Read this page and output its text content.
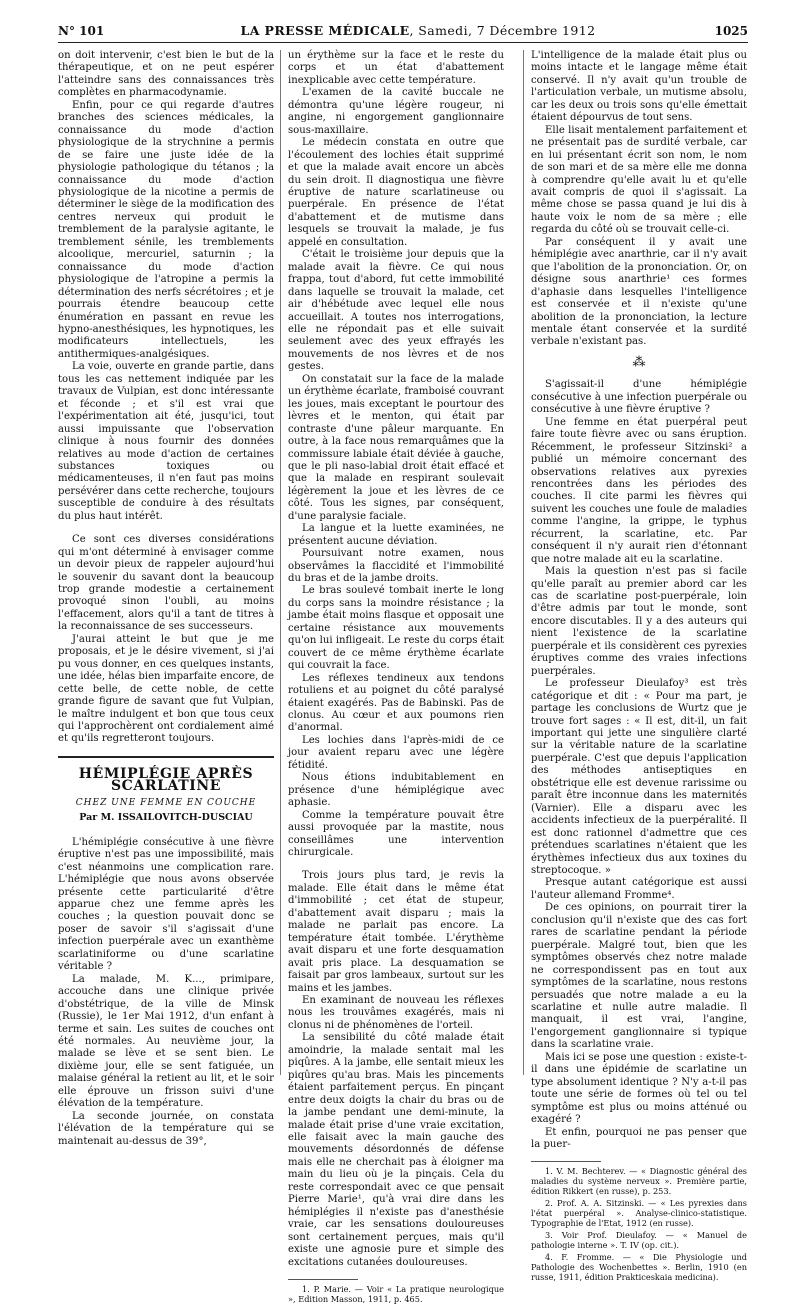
N° 101	LA PRESSE MÉDICALE, Samedi, 7 Décembre 1912	1025

on doit intervenir, c'est bien le but de la thérapeutique, et on ne peut espérer l'atteindre sans des connaissances très complètes en pharmacodynamie.

Enfin, pour ce qui regarde d'autres branches des sciences médicales, la connaissance du mode d'action physiologique de la strychnine a permis de se faire une juste idée de la physiologie pathologique du tétanos ; la connaissance du mode d'action physiologique de la nicotine a permis de déterminer le siège de la modification des centres nerveux qui produit le tremblement de la paralysie agitante, le tremblement sénile, les tremblements alcoolique, mercuriel, saturnin ; la connaissance du mode d'action physiologique de l'atropine a permis la détermination des nerfs sécrétoires ; et je pourrais étendre beaucoup cette énumération en passant en revue les hypno-anesthésiques, les hypnotiques, les modificateurs intellectuels, les antithermiques-analgésiques.

La voie, ouverte en grande partie, dans tous les cas nettement indiquée par les travaux de Vulpian, est donc intéressante et féconde ; et s'il est vrai que l'expérimentation ait été, jusqu'ici, tout aussi impuissante que l'observation clinique à nous fournir des données relatives au mode d'action de certaines substances toxiques ou médicamenteuses, il n'en faut pas moins persévérer dans cette recherche, toujours susceptible de conduire à des résultats du plus haut intérêt.

Ce sont ces diverses considérations qui m'ont déterminé à envisager comme un devoir pieux de rappeler aujourd'hui le souvenir du savant dont la beaucoup trop grande modestie a certainement provoqué sinon l'oubli, au moins l'effacement, alors qu'il a tant de titres à la reconnaissance de ses successeurs.

J'aurai atteint le but que je me proposais, et je le désire vivement, si j'ai pu vous donner, en ces quelques instants, une idée, hélas bien imparfaite encore, de cette belle, de cette noble, de cette grande figure de savant que fut Vulpian, le maître indulgent et bon que tous ceux qui l'approchèrent ont cordialement aimé et qu'ils regretteront toujours.

HÉMIPLÉGIE APRÈS SCARLATINE
CHEZ UNE FEMME EN COUCHE
Par M. ISSAILOVITCH-DUSCIAU

L'hémiplégie consécutive à une fièvre éruptive n'est pas une impossibilité, mais c'est néanmoins une complication rare. L'hémiplégie que nous avons observée présente cette particularité d'être apparue chez une femme après les couches ; la question pouvait donc se poser de savoir s'il s'agissait d'une infection puerpérale avec un exanthème scarlatiniforme ou d'une scarlatine véritable ?

La malade, M. K..., primipare, accouche dans une clinique privée d'obstétrique, de la ville de Minsk (Russie), le 1er Mai 1912, d'un enfant à terme et sain. Les suites de couches ont été normales. Au neuvième jour, la malade se lève et se sent bien. Le dixième jour, elle se sent fatiguée, un malaise général la retient au lit, et le soir elle éprouve un frisson suivi d'une élévation de la température.

La seconde journée, on constata l'élévation de la température qui se maintenait au-dessus de 39°,

un érythème sur la face et le reste du corps et un état d'abattement inexplicable avec cette température.

L'examen de la cavité buccale ne démontra qu'une légère rougeur, ni angine, ni engorgement ganglionnaire sous-maxillaire.

Le médecin constata en outre que l'écoulement des lochies était supprimé et que la malade avait encore un abcès du sein droit. Il diagnostiqua une fièvre éruptive de nature scarlatineuse ou puerpérale. En présence de l'état d'abattement et de mutisme dans lesquels se trouvait la malade, je fus appelé en consultation.

C'était le troisième jour depuis que la malade avait la fièvre. Ce qui nous frappa, tout d'abord, fut cette immobilité dans laquelle se trouvait la malade, cet air d'hébétude avec lequel elle nous accueillait. A toutes nos interrogations, elle ne répondait pas et elle suivait seulement avec des yeux effrayés les mouvements de nos lèvres et de nos gestes.

On constatait sur la face de la malade un érythème écarlate, framboisé couvrant les joues, mais exceptant le pourtour des lèvres et le menton, qui était par contraste d'une pâleur marquante. En outre, à la face nous remarquâmes que la commissure labiale était déviée à gauche, que le pli naso-labial droit était effacé et que la malade en respirant soulevait légèrement la joue et les lèvres de ce côté. Tous les signes, par conséquent, d'une paralysie faciale.

La langue et la luette examinées, ne présentent aucune déviation.

Poursuivant notre examen, nous observâmes la flaccidité et l'immobilité du bras et de la jambe droits.

Le bras soulevé tombait inerte le long du corps sans la moindre résistance ; la jambe était moins flasque et opposait une certaine résistance aux mouvements qu'on lui infligeait. Le reste du corps était couvert de ce même érythème écarlate qui couvrait la face.

Les réflexes tendineux aux tendons rotuliens et au poignet du côté paralysé étaient exagérés. Pas de Babinski. Pas de clonus. Au cœur et aux poumons rien d'anormal.

Les lochies dans l'après-midi de ce jour avaient reparu avec une légère fétidité.

Nous étions indubitablement en présence d'une hémiplégique avec aphasie.

Comme la température pouvait être aussi provoquée par la mastite, nous conseillâmes une intervention chirurgicale.

Trois jours plus tard, je revis la malade. Elle était dans le même état d'immobilité ; cet état de stupeur, d'abattement avait disparu ; mais la malade ne parlait pas encore. La température était tombée. L'érythème avait disparu et une forte desquamation avait pris place. La desquamation se faisait par gros lambeaux, surtout sur les mains et les jambes.

En examinant de nouveau les réflexes nous les trouvâmes exagérés, mais ni clonus ni de phénomènes de l'orteil.

La sensibilité du côté malade était amoindrie, la malade sentait mal les piqûres. A la jambe, elle sentait mieux les piqûres qu'au bras. Mais les pincements étaient parfaitement perçus. En pinçant entre deux doigts la chair du bras ou de la jambe pendant une demi-minute, la malade était prise d'une vraie excitation, elle faisait avec la main gauche des mouvements désordonnés de défense mais elle ne cherchait pas à éloigner ma main du lieu où je la pinçais. Cela du reste correspondait avec ce que pensait Pierre Marie¹, qu'à vrai dire dans les hémiplégies il n'existe pas d'anesthésie vraie, car les sensations douloureuses sont certainement perçues, mais qu'il existe une agnosie pure et simple des excitations cutanées douloureuses.

1. P. Marie. — Voir « La pratique neurologique », Edition Masson, 1911, p. 465.

L'intelligence de la malade était plus ou moins intacte et le langage même était conservé. Il n'y avait qu'un trouble de l'articulation verbale, un mutisme absolu, car les deux ou trois sons qu'elle émettait étaient dépourvus de tout sens.

Elle lisait mentalement parfaitement et ne présentait pas de surdité verbale, car en lui présentant écrit son nom, le nom de son mari et de sa mère elle me donna à comprendre qu'elle avait lu et qu'elle avait compris de quoi il s'agissait. La même chose se passa quand je lui dis à haute voix le nom de sa mère ; elle regarda du côté où se trouvait celle-ci.

Par conséquent il y avait une hémiplégie avec anarthrie, car il n'y avait que l'abolition de la prononciation. Or, on désigne sous anarthrie¹ ces formes d'aphasie dans lesquelles l'intelligence est conservée et il n'existe qu'une abolition de la prononciation, la lecture mentale étant conservée et la surdité verbale n'existant pas.

⁂

S'agissait-il d'une hémiplégie consécutive à une infection puerpérale ou consécutive à une fièvre éruptive ?

Une femme en état puerpéral peut faire toute fièvre avec ou sans éruption. Récemment, le professeur Sitzinski² a publié un mémoire concernant des observations relatives aux pyrexies rencontrées dans les périodes des couches. Il cite parmi les fièvres qui suivent les couches une foule de maladies comme l'angine, la grippe, le typhus récurrent, la scarlatine, etc. Par conséquent il n'y aurait rien d'étonnant que notre malade ait eu la scarlatine.

Mais la question n'est pas si facile qu'elle paraît au premier abord car les cas de scarlatine post-puerpérale, loin d'être admis par tout le monde, sont encore discutables. Il y a des auteurs qui nient l'existence de la scarlatine puerpérale et ils considèrent ces pyrexies éruptives comme des vraies infections puerpérales.

Le professeur Dieulafoy³ est très catégorique et dit : « Pour ma part, je partage les conclusions de Wurtz que je trouve fort sages : « Il est, dit-il, un fait important qui jette une singulière clarté sur la véritable nature de la scarlatine puerpérale. C'est que depuis l'application des méthodes antiseptiques en obstétrique elle est devenue rarissime ou paraît être inconnue dans les maternités (Varnier). Elle a disparu avec les accidents infectieux de la puerpéralité. Il est donc rationnel d'admettre que ces prétendues scarlatines n'étaient que les érythèmes infectieux dus aux toxines du streptocoque. »

Presque autant catégorique est aussi l'auteur allemand Fromme⁴.

De ces opinions, on pourrait tirer la conclusion qu'il n'existe que des cas fort rares de scarlatine pendant la période puerpérale. Malgré tout, bien que les symptômes observés chez notre malade ne correspondissent pas en tout aux symptômes de la scarlatine, nous restons persuadés que notre malade a eu la scarlatine et nulle autre maladie. Il manquait, il est vrai, l'angine, l'engorgement ganglionnaire si typique dans la scarlatine vraie.

Mais ici se pose une question : existe-t-il dans une épidémie de scarlatine un type absolument identique ? N'y a-t-il pas toute une série de formes où tel ou tel symptôme est plus ou moins atténué ou exagéré ?

Et enfin, pourquoi ne pas penser que la puer-

1. V. M. Bechterev. — « Diagnostic général des maladies du système nerveux ». Première partie, édition Rikkert (en russe), p. 253.

2. Prof. A. A. Sitzinski. — « Les pyrexies dans l'état puerpéral ». Analyse-clinico-statistique. Typographie de l'Etat, 1912 (en russe).

3. Voir Prof. Dieulafoy. — « Manuel de pathologie interne ». T. IV (op. cit.).

4. F. Fromme. — « Die Physiologie und Pathologie des Wochenbettes ». Berlin, 1910 (en russe, 1911, édition Prakticeskaia medicina).
